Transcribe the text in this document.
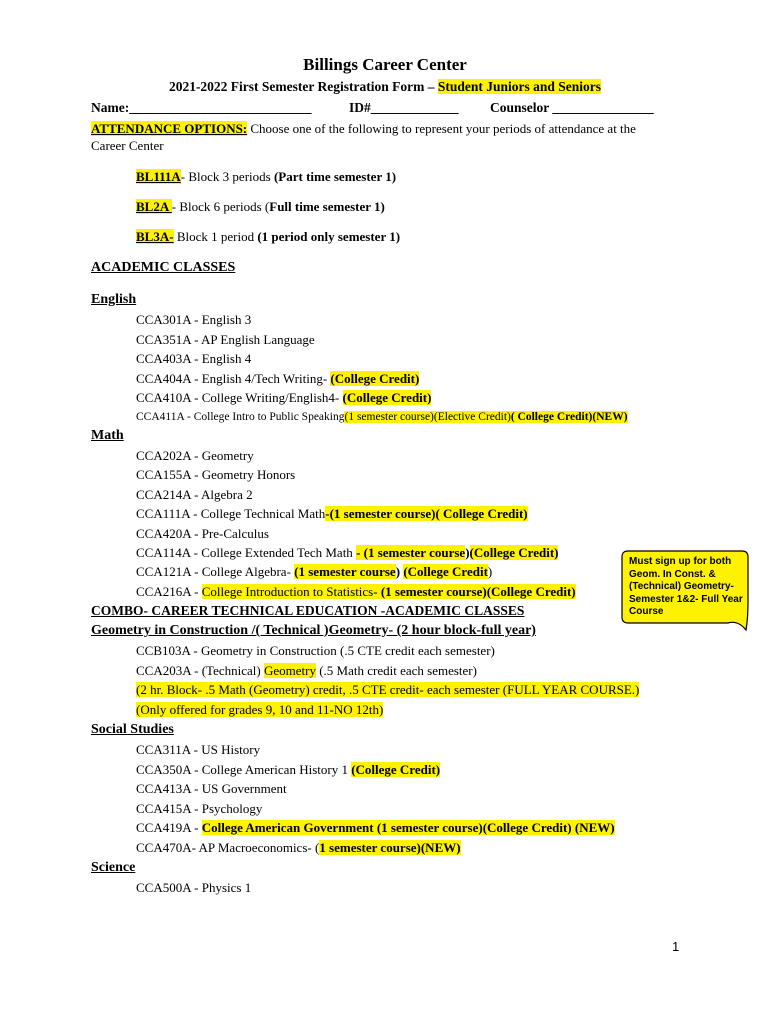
Billings Career Center
2021-2022 First Semester Registration Form – Student Juniors and Seniors
Name:___________________________	ID#_____________ Counselor _______________
ATTENDANCE OPTIONS: Choose one of the following to represent your periods of attendance at the
Career Center
BL111A- Block 3 periods (Part time semester 1)
BL2A - Block 6 periods (Full time semester 1)
BL3A- Block 1 period (1 period only semester 1)
ACADEMIC CLASSES
English
CCA301A - English 3
CCA351A - AP English Language
CCA403A - English 4
CCA404A - English 4/Tech Writing- (College Credit)
CCA410A - College Writing/English4- (College Credit)
CCA411A - College Intro to Public Speaking(1 semester course)(Elective Credit)( College Credit)(NEW)
Math
CCA202A - Geometry
CCA155A - Geometry Honors
CCA214A - Algebra 2
CCA111A - College Technical Math-(1 semester course)( College Credit)
CCA420A - Pre-Calculus
CCA114A - College Extended Tech Math - (1 semester course)(College Credit)
CCA121A - College Algebra- (1 semester course) (College Credit)
CCA216A - College Introduction to Statistics- (1 semester course)(College Credit)
COMBO- CAREER TECHNICAL EDUCATION -ACADEMIC CLASSES
Geometry in Construction /( Technical )Geometry- (2 hour block-full year)
CCB103A - Geometry in Construction (.5 CTE credit each semester)
CCA203A - (Technical) Geometry (.5 Math credit each semester)
(2 hr. Block- .5 Math (Geometry) credit, .5 CTE credit- each semester (FULL YEAR COURSE.)
(Only offered for grades 9, 10 and 11-NO 12th)
Must sign up for both Geom. In Const. & (Technical) Geometry-Semester 1&2- Full Year Course
Social Studies
CCA311A - US History
CCA350A - College American History 1 (College Credit)
CCA413A - US Government
CCA415A - Psychology
CCA419A - College American Government (1 semester course)(College Credit) (NEW)
CCA470A- AP Macroeconomics- (1 semester course)(NEW)
Science
CCA500A - Physics 1
1
